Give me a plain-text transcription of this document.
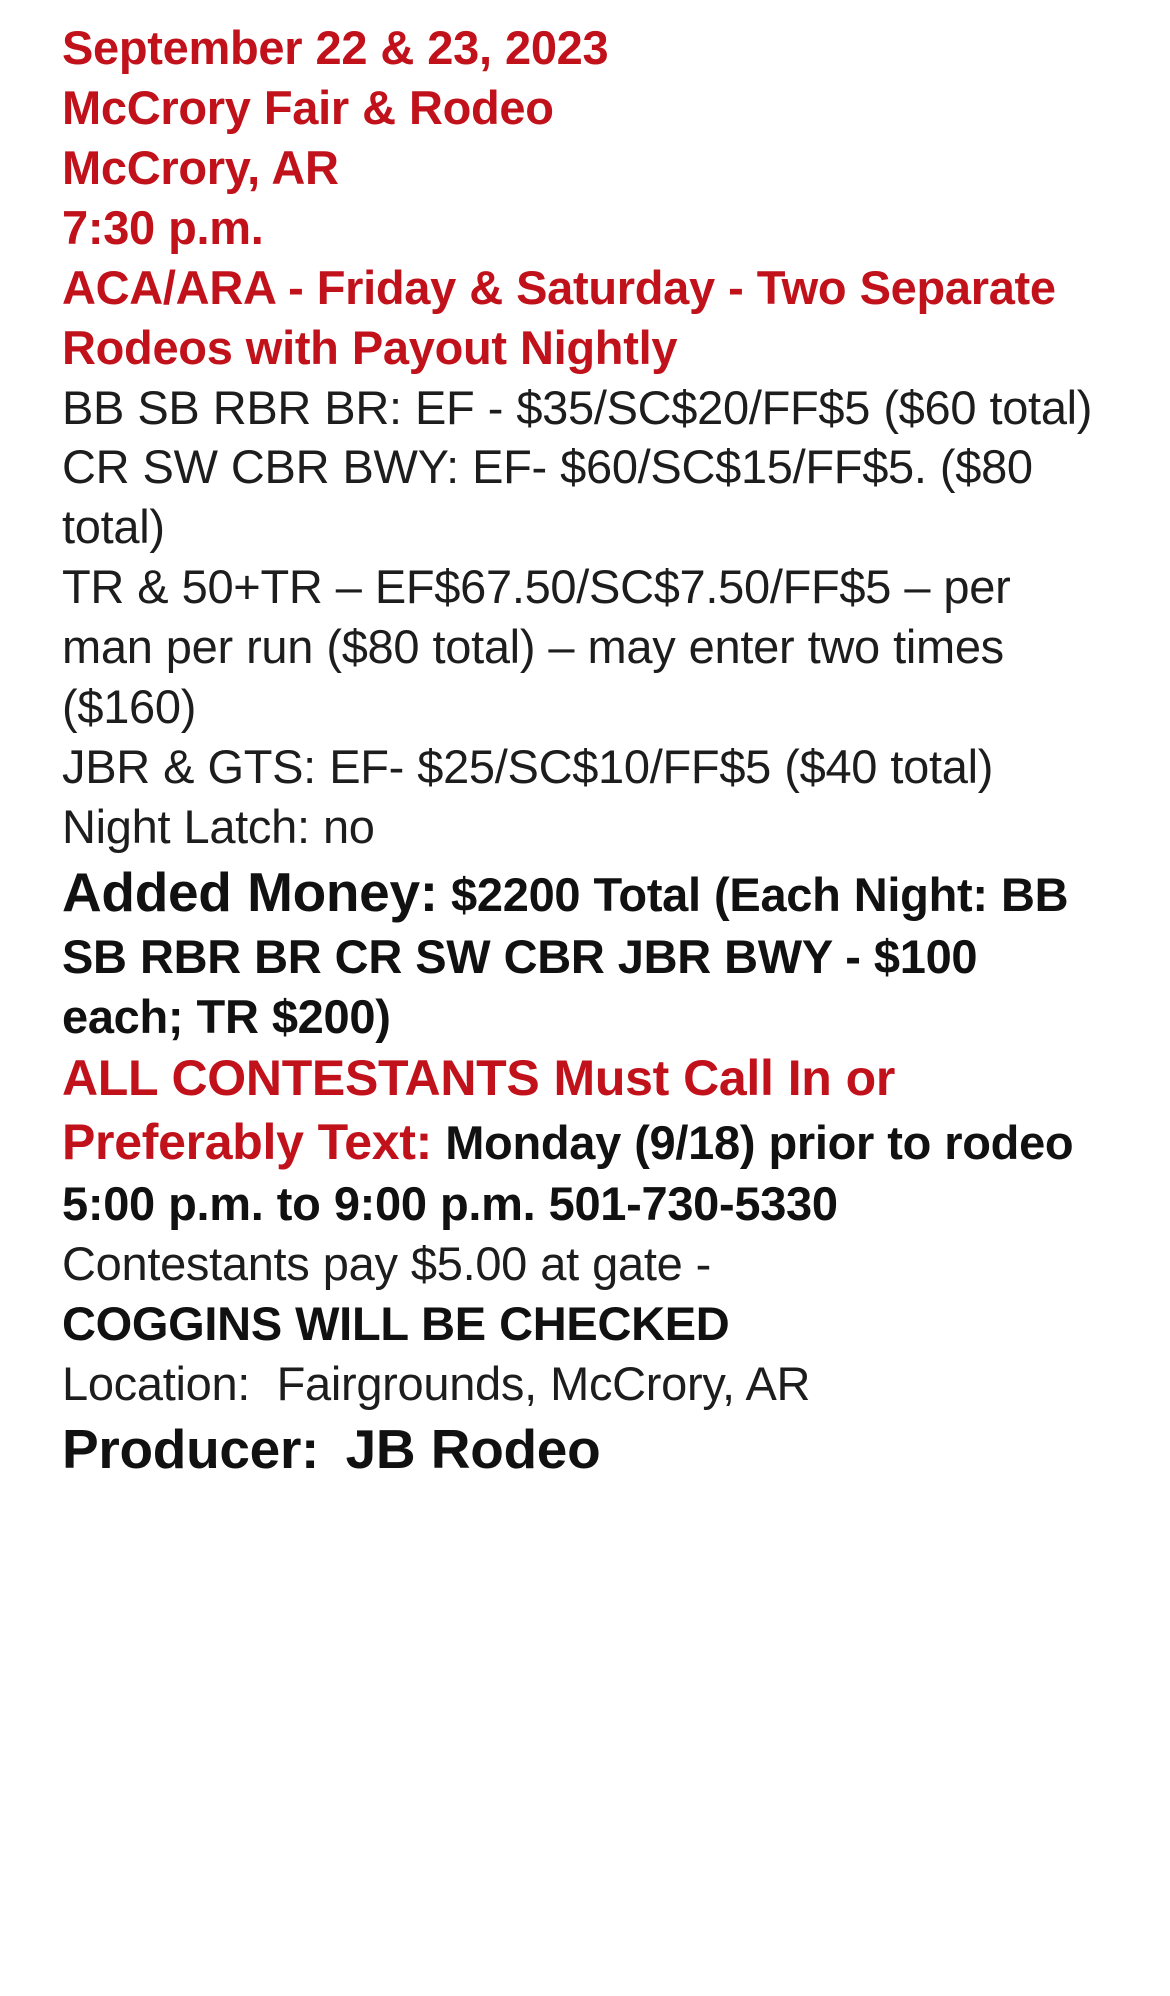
September 22 & 23, 2023
McCrory Fair & Rodeo
McCrory, AR
7:30 p.m.
ACA/ARA - Friday & Saturday - Two Separate Rodeos with Payout Nightly
BB SB RBR BR: EF - $35/SC$20/FF$5 ($60 total)
CR SW CBR BWY: EF- $60/SC$15/FF$5. ($80 total)
TR & 50+TR – EF$67.50/SC$7.50/FF$5 – per man per run ($80 total) – may enter two times ($160)
JBR & GTS: EF- $25/SC$10/FF$5 ($40 total)
Night Latch: no

Added Money: $2200 Total (Each Night: BB SB RBR BR CR SW CBR JBR BWY - $100 each; TR $200)

ALL CONTESTANTS Must Call In or Preferably Text: Monday (9/18) prior to rodeo 5:00 p.m. to 9:00 p.m. 501-730-5330

Contestants pay $5.00 at gate -
COGGINS WILL BE CHECKED

Location: Fairgrounds, McCrory, AR

Producer: JB Rodeo
